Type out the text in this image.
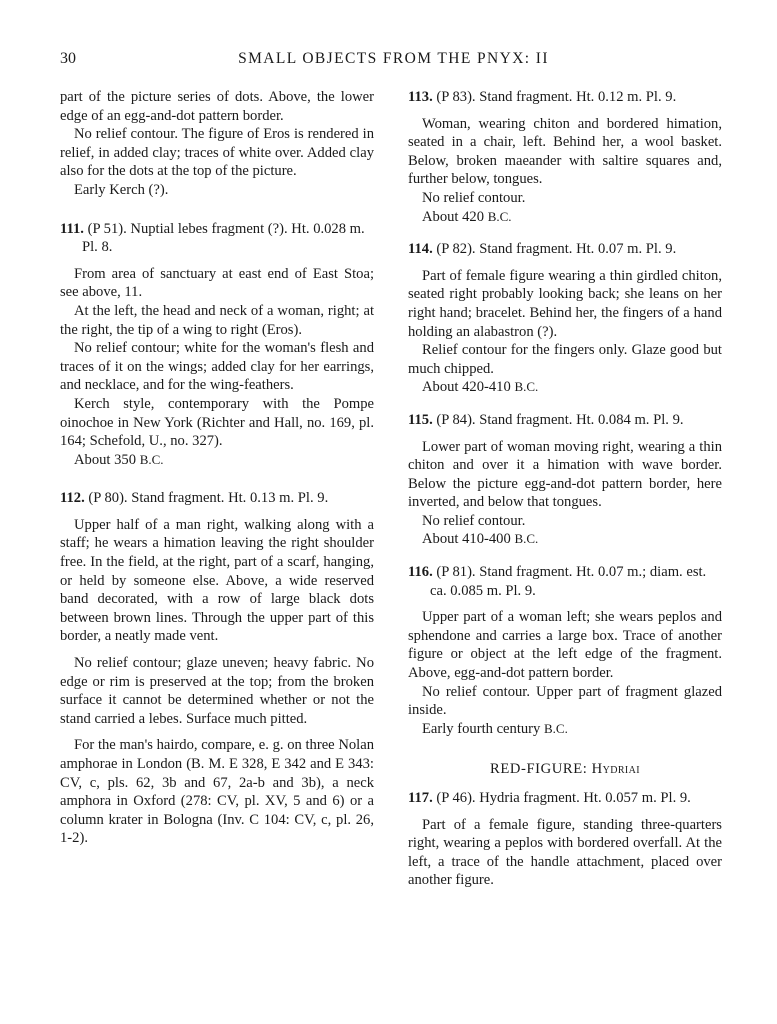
30	SMALL OBJECTS FROM THE PNYX: II

part of the picture series of dots. Above, the lower edge of an egg-and-dot pattern border.

No relief contour. The figure of Eros is rendered in relief, in added clay; traces of white over. Added clay also for the dots at the top of the picture.

Early Kerch (?).

111. (P 51). Nuptial lebes fragment (?). Ht. 0.028 m. Pl. 8.

From area of sanctuary at east end of East Stoa; see above, 11.

At the left, the head and neck of a woman, right; at the right, the tip of a wing to right (Eros).

No relief contour; white for the woman's flesh and traces of it on the wings; added clay for her earrings, and necklace, and for the wing-feathers.

Kerch style, contemporary with the Pompe oinochoe in New York (Richter and Hall, no. 169, pl. 164; Schefold, U., no. 327).

About 350 B.C.

112. (P 80). Stand fragment. Ht. 0.13 m. Pl. 9.

Upper half of a man right, walking along with a staff; he wears a himation leaving the right shoulder free. In the field, at the right, part of a scarf, hanging, or held by someone else. Above, a wide reserved band decorated, with a row of large black dots between brown lines. Through the upper part of this border, a neatly made vent.

No relief contour; glaze uneven; heavy fabric. No edge or rim is preserved at the top; from the broken surface it cannot be determined whether or not the stand carried a lebes. Surface much pitted.

For the man's hairdo, compare, e. g. on three Nolan amphorae in London (B. M. E 328, E 342 and E 343: CV, c, pls. 62, 3b and 67, 2a-b and 3b), a neck amphora in Oxford (278: CV, pl. XV, 5 and 6) or a column krater in Bologna (Inv. C 104: CV, c, pl. 26, 1-2).

113. (P 83). Stand fragment. Ht. 0.12 m. Pl. 9.

Woman, wearing chiton and bordered himation, seated in a chair, left. Behind her, a wool basket. Below, broken maeander with saltire squares and, further below, tongues.

No relief contour.

About 420 B.C.

114. (P 82). Stand fragment. Ht. 0.07 m. Pl. 9.

Part of female figure wearing a thin girdled chiton, seated right probably looking back; she leans on her right hand; bracelet. Behind her, the fingers of a hand holding an alabastron (?).

Relief contour for the fingers only. Glaze good but much chipped.

About 420-410 B.C.

115. (P 84). Stand fragment. Ht. 0.084 m. Pl. 9.

Lower part of woman moving right, wearing a thin chiton and over it a himation with wave border. Below the picture egg-and-dot pattern border, here inverted, and below that tongues.

No relief contour.

About 410-400 B.C.

116. (P 81). Stand fragment. Ht. 0.07 m.; diam. est. ca. 0.085 m. Pl. 9.

Upper part of a woman left; she wears peplos and sphendone and carries a large box. Trace of another figure or object at the left edge of the fragment. Above, egg-and-dot pattern border.

No relief contour. Upper part of fragment glazed inside.

Early fourth century B.C.

RED-FIGURE: Hydriai

117. (P 46). Hydria fragment. Ht. 0.057 m. Pl. 9.

Part of a female figure, standing three-quarters right, wearing a peplos with bordered overfall. At the left, a trace of the handle attachment, placed over another figure.
